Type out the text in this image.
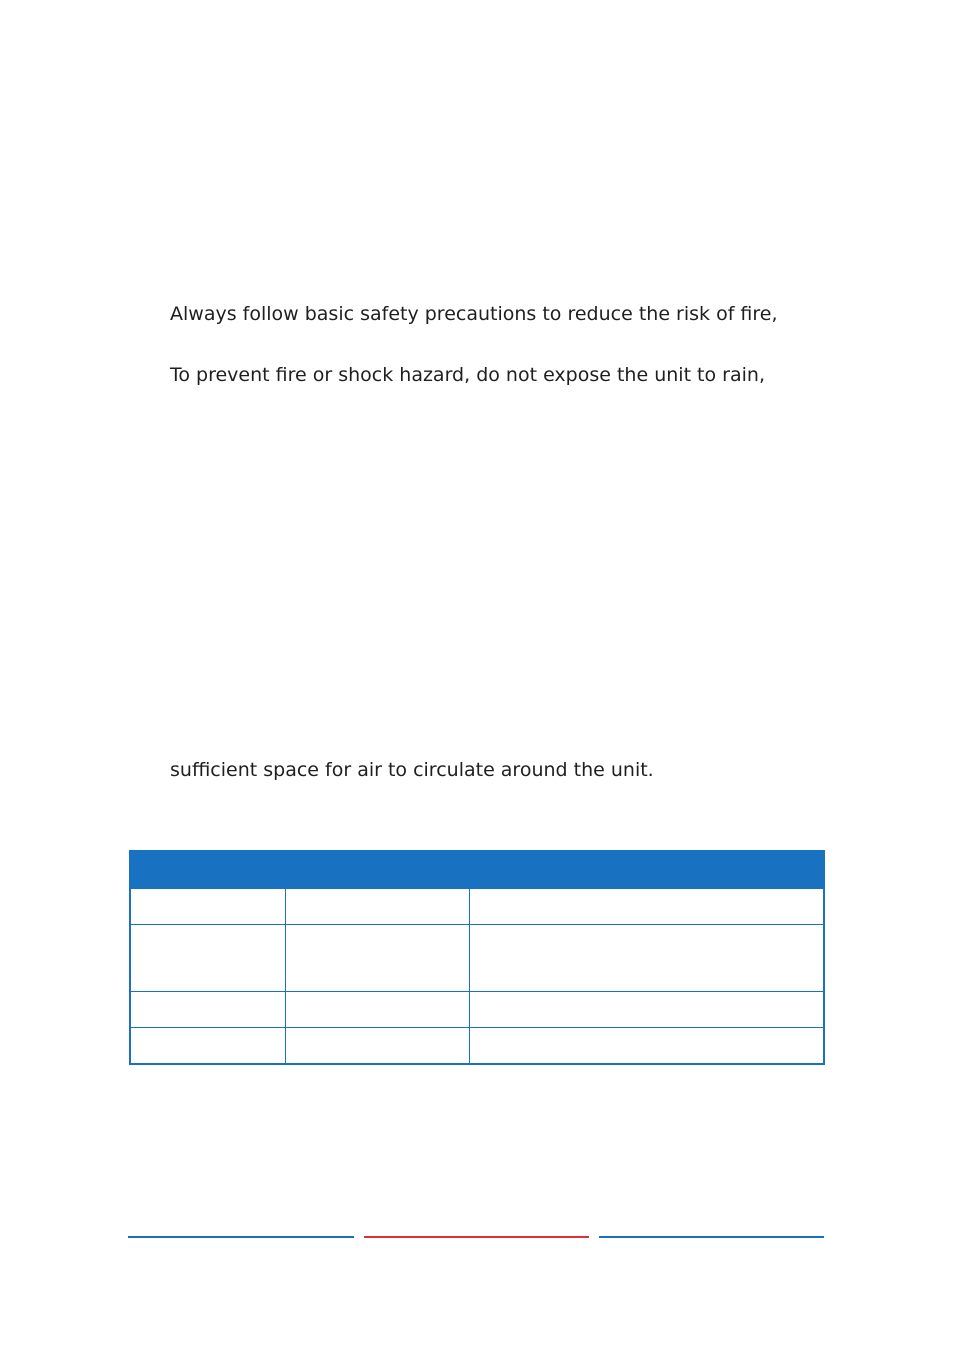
Always follow basic safety precautions to reduce the risk of fire,

To prevent fire or shock hazard, do not expose the unit to rain,

sufficient space for air to circulate around the unit.
